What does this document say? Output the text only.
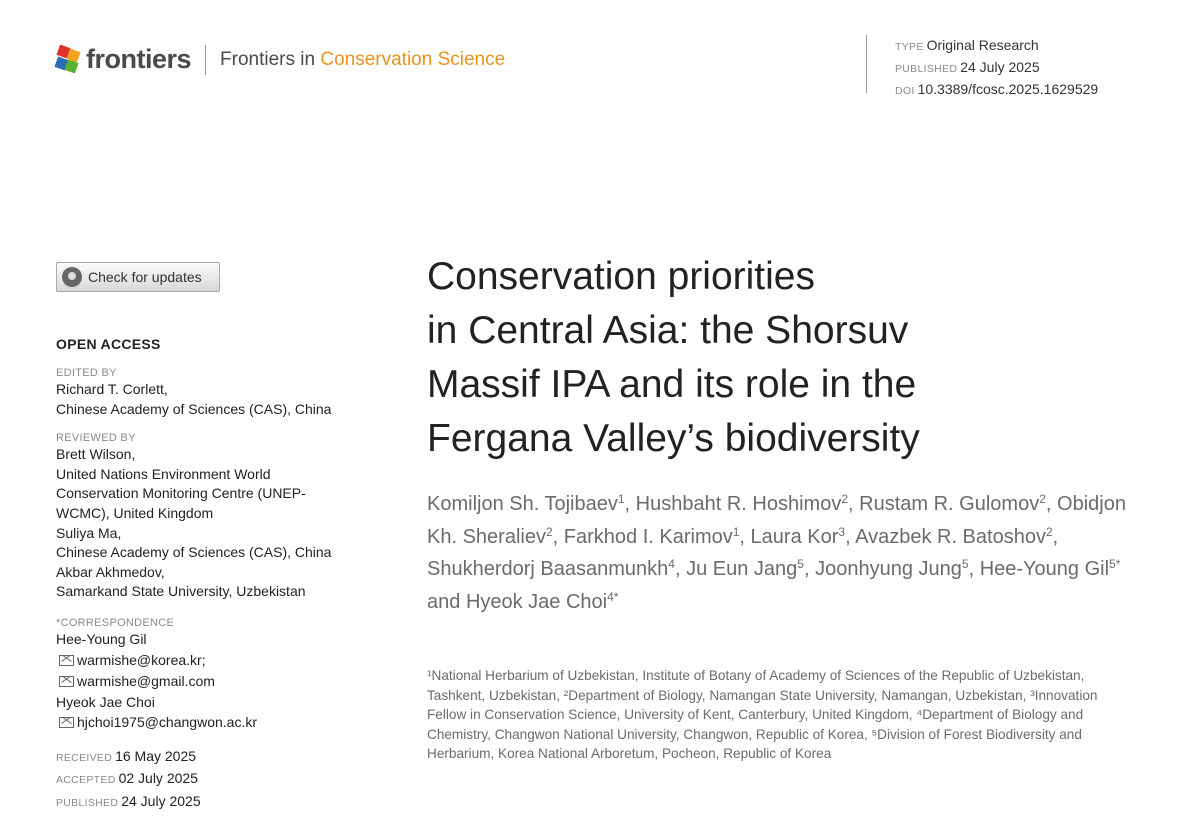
frontiers Frontiers in Conservation Science
TYPE Original Research
PUBLISHED 24 July 2025
DOI 10.3389/fcosc.2025.1629529
Check for updates
OPEN ACCESS
EDITED BY
Richard T. Corlett,
Chinese Academy of Sciences (CAS), China
REVIEWED BY
Brett Wilson,
United Nations Environment World
Conservation Monitoring Centre (UNEP-
WCMC), United Kingdom
Suliya Ma,
Chinese Academy of Sciences (CAS), China
Akbar Akhmedov,
Samarkand State University, Uzbekistan
*CORRESPONDENCE
Hee-Young Gil
warmishe@korea.kr;
warmishe@gmail.com
Hyeok Jae Choi
hjchoi1975@changwon.ac.kr
RECEIVED 16 May 2025
ACCEPTED 02 July 2025
PUBLISHED 24 July 2025
Conservation priorities
in Central Asia: the Shorsuv
Massif IPA and its role in the
Fergana Valley’s biodiversity

Komiljon Sh. Tojibaev$^1$, Hushbaht R. Hoshimov$^2$, Rustam R. Gulomov$^2$, Obidjon Kh. Sheraliev$^2$, Farkhod I. Karimov$^1$, Laura Kor$^3$, Avazbek R. Batoshov$^2$, Shukherdorj Baasanmunkh$^4$, Ju Eun Jang$^5$, Joonhyung Jung$^5$, Hee-Young Gil$^{5*}$ and Hyeok Jae Choi$^{4*}$

¹National Herbarium of Uzbekistan, Institute of Botany of Academy of Sciences of the Republic of Uzbekistan, Tashkent, Uzbekistan, ²Department of Biology, Namangan State University, Namangan, Uzbekistan, ³Innovation Fellow in Conservation Science, University of Kent, Canterbury, United Kingdom, ⁴Department of Biology and Chemistry, Changwon National University, Changwon, Republic of Korea, ⁵Division of Forest Biodiversity and Herbarium, Korea National Arboretum, Pocheon, Republic of Korea
